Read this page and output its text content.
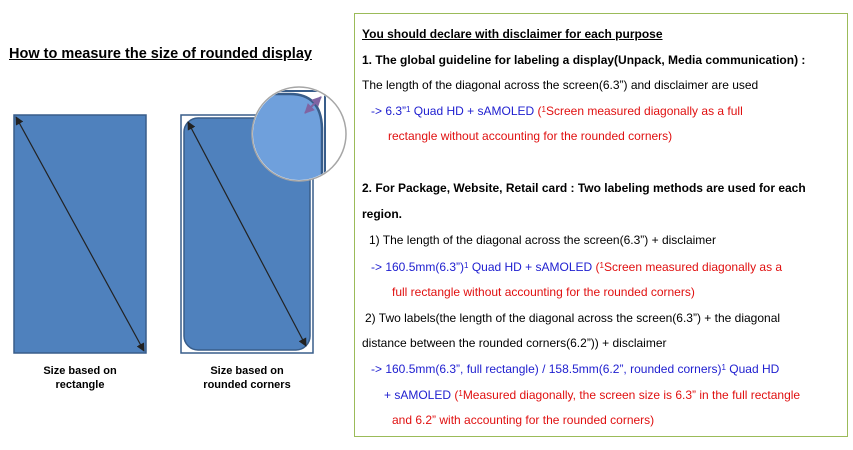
How to measure the size of rounded display
Size based on
rectangle
Size based on
rounded corners
You should declare with disclaimer for each purpose
1. The global guideline for labeling a display(Unpack, Media communication) :
The length of the diagonal across the screen(6.3”) and disclaimer are used
-> 6.3”$^1$ Quad HD + sAMOLED ($^1$Screen measured diagonally as a full
rectangle without accounting for the rounded corners)
2. For Package, Website, Retail card : Two labeling methods are used for each
region.
1) The length of the diagonal across the screen(6.3”) + disclaimer
-> 160.5mm(6.3”)$^1$ Quad HD + sAMOLED ($^1$Screen measured diagonally as a
full rectangle without accounting for the rounded corners)
2) Two labels(the length of the diagonal across the screen(6.3”) + the diagonal
distance between the rounded corners(6.2”)) + disclaimer
-> 160.5mm(6.3”, full rectangle) / 158.5mm(6.2”, rounded corners)$^1$ Quad HD
+ sAMOLED ($^1$Measured diagonally, the screen size is 6.3” in the full rectangle
and 6.2” with accounting for the rounded corners)
